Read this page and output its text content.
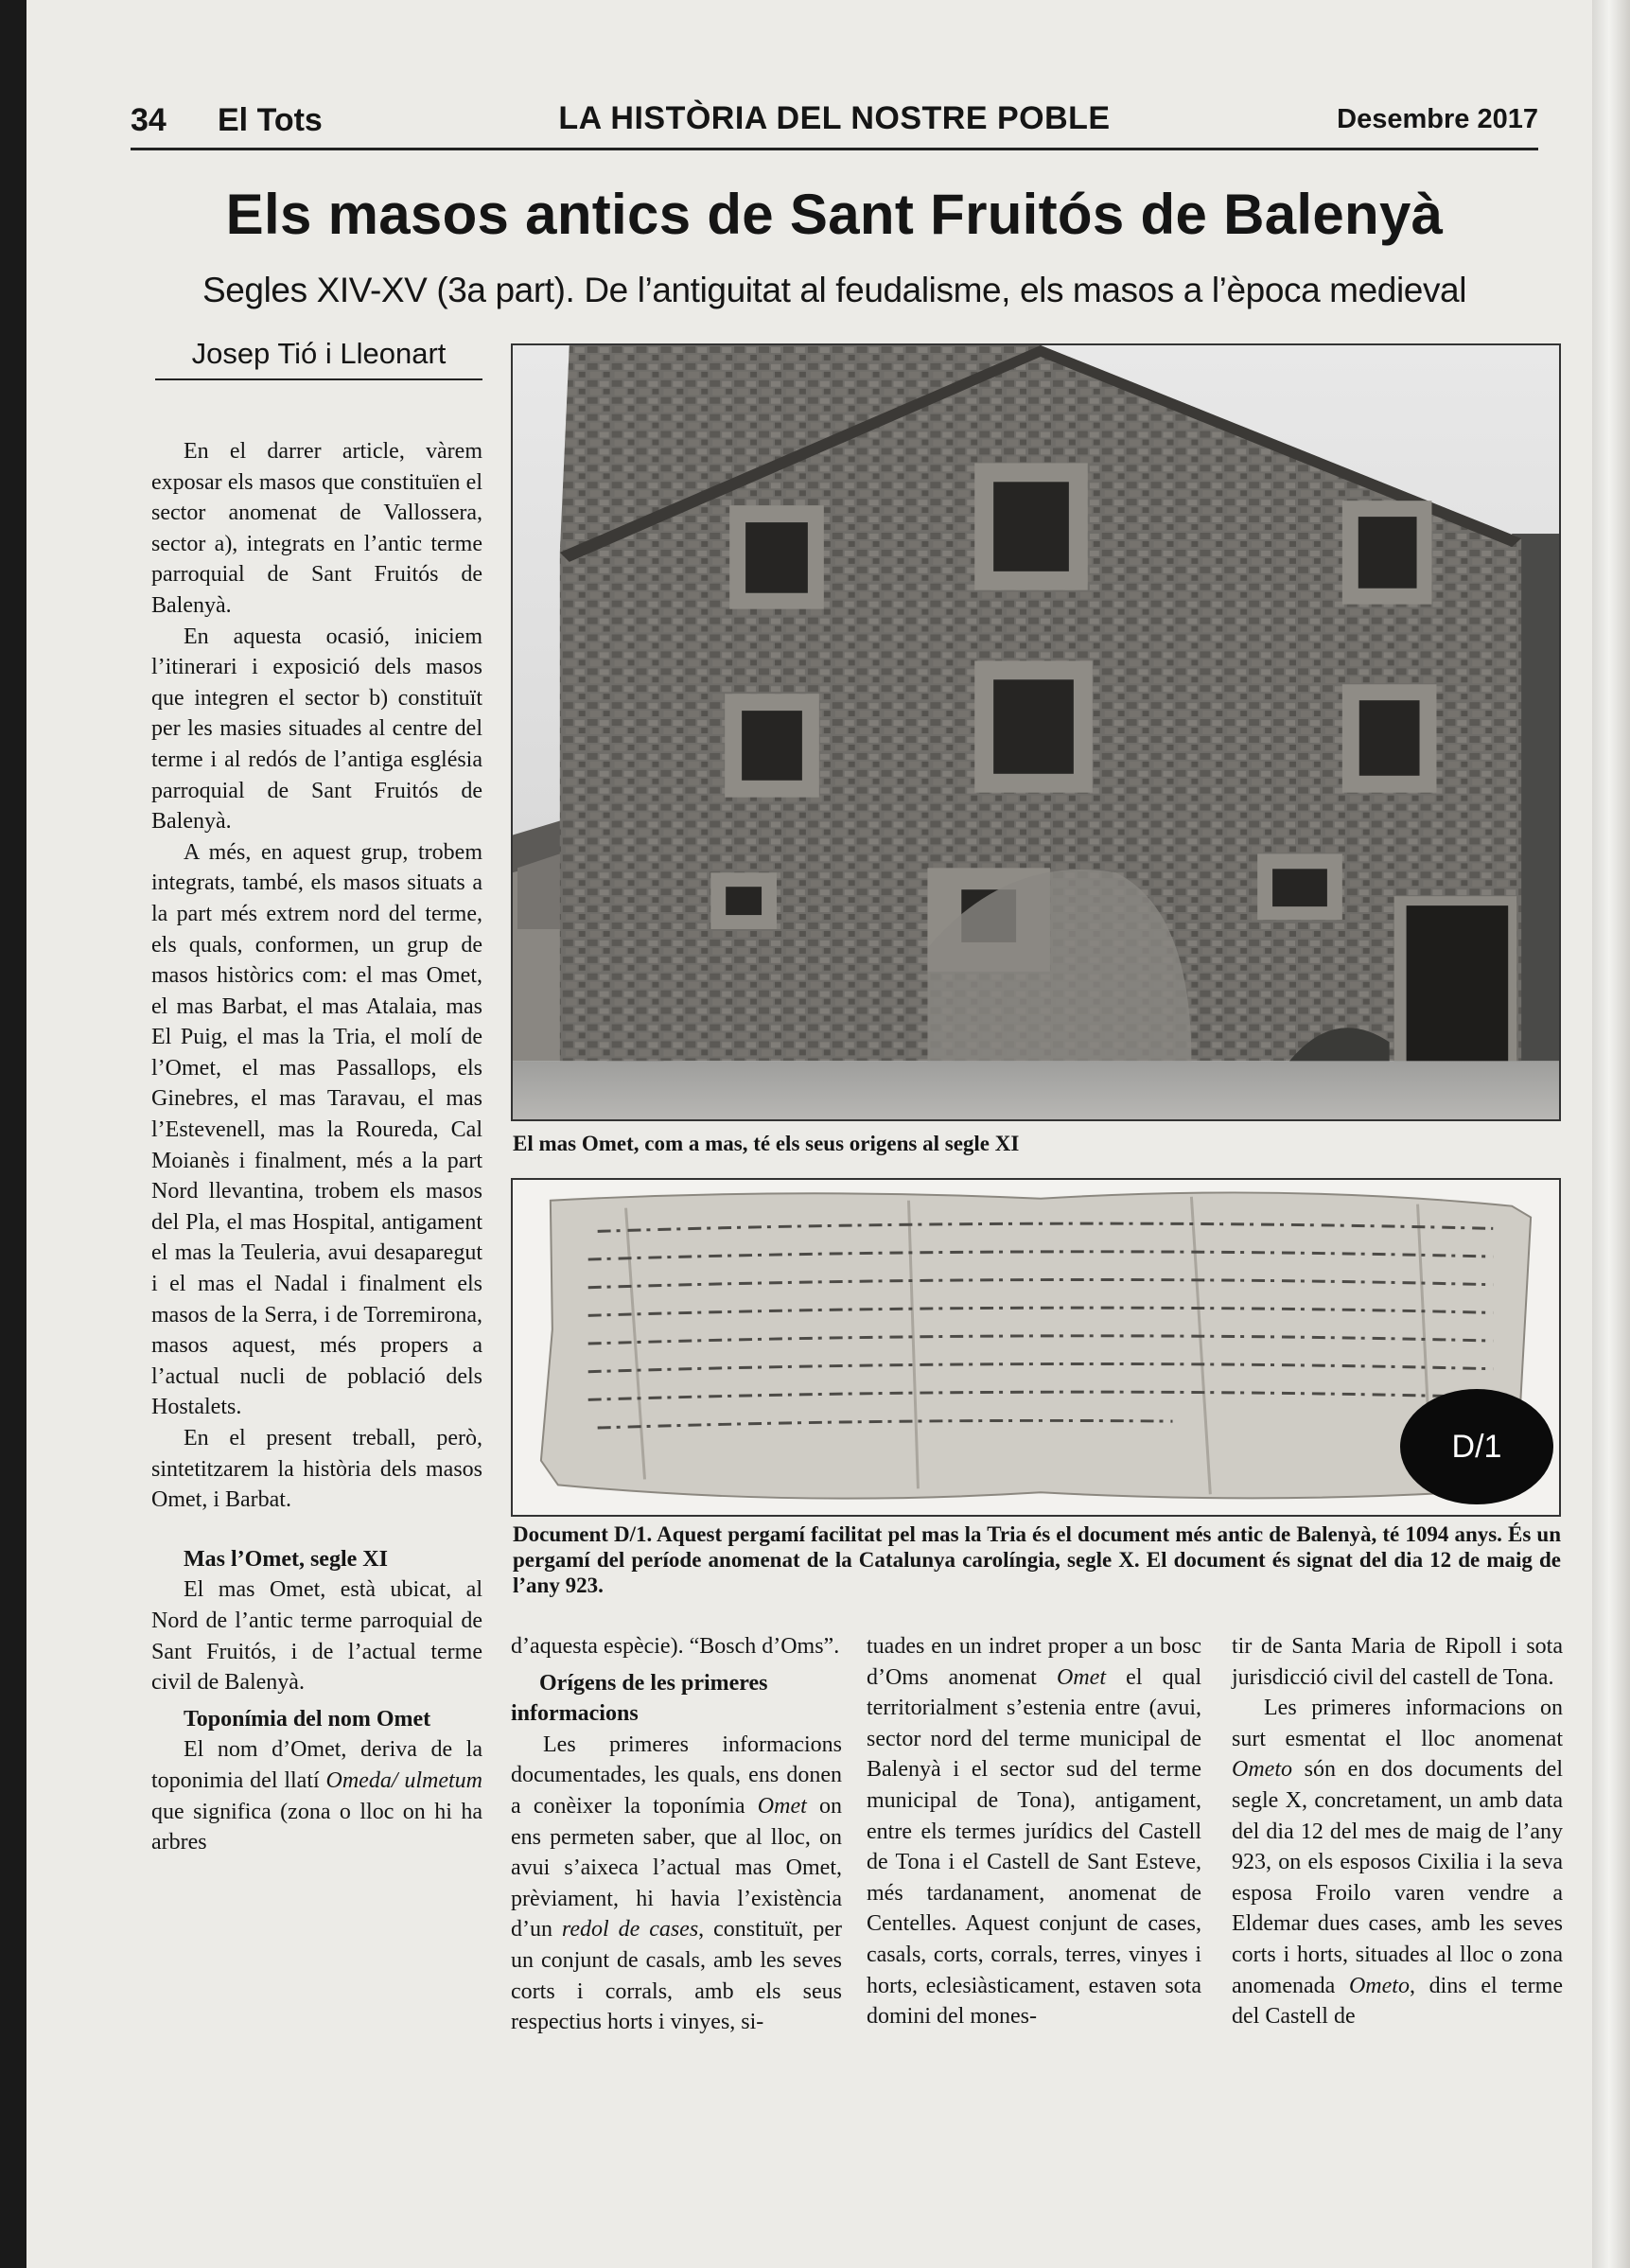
34 El Tots	LA HISTÒRIA DEL NOSTRE POBLE	Desembre 2017
Els masos antics de Sant Fruitós de Balenyà
Segles XIV-XV (3a part). De l’antiguitat al feudalisme, els masos a l’època medieval
Josep Tió i Lleonart
El mas Omet, com a mas, té els seus origens al segle XI
D/1
Document D/1. Aquest pergamí facilitat pel mas la Tria és el document més antic de Balenyà, té 1094 anys. És un pergamí del període anomenat de la Catalunya carolíngia, segle X. El document és signat del dia 12 de maig de l’any 923.

En el darrer article, vàrem exposar els masos que constituïen el sector anomenat de Vallossera, sector a), integrats en l’antic terme parroquial de Sant Fruitós de Balenyà.

En aquesta ocasió, iniciem l’itinerari i exposició dels masos que integren el sector b) constituït per les masies situades al centre del terme i al redós de l’antiga església parroquial de Sant Fruitós de Balenyà.

A més, en aquest grup, trobem integrats, també, els masos situats a la part més extrem nord del terme, els quals, conformen, un grup de masos històrics com: el mas Omet, el mas Barbat, el mas Atalaia, mas El Puig, el mas la Tria, el molí de l’Omet, el mas Passallops, els Ginebres, el mas Taravau, el mas l’Estevenell, mas la Roureda, Cal Moianès i finalment, més a la part Nord llevantina, trobem els masos del Pla, el mas Hospital, antigament el mas la Teuleria, avui desaparegut i el mas el Nadal i finalment els masos de la Serra, i de Torremirona, masos aquest, més propers a l’actual nucli de població dels Hostalets.

En el present treball, però, sintetitzarem la història dels masos Omet, i Barbat.

Mas l’Omet, segle XI

El mas Omet, està ubicat, al Nord de l’antic terme parroquial de Sant Fruitós, i de l’actual terme civil de Balenyà.

Toponímia del nom Omet

El nom d’Omet, deriva de la toponimia del llatí Omeda/ ulmetum que significa (zona o lloc on hi ha arbres

d’aquesta espècie). “Bosch d’Oms”.

Orígens de les primeres informacions

Les primeres informacions documentades, les quals, ens donen a conèixer la toponímia Omet on ens permeten saber, que al lloc, on avui s’aixeca l’actual mas Omet, prèviament, hi havia l’existència d’un redol de cases, constituït, per un conjunt de casals, amb les seves corts i corrals, amb els seus respectius horts i vinyes, si-

tuades en un indret proper a un bosc d’Oms anomenat Omet el qual territorialment s’estenia entre (avui, sector nord del terme municipal de Balenyà i el sector sud del terme municipal de Tona), antigament, entre els termes jurídics del Castell de Tona i el Castell de Sant Esteve, més tardanament, anomenat de Centelles. Aquest conjunt de cases, casals, corts, corrals, terres, vinyes i horts, eclesiàsticament, estaven sota domini del mones-

tir de Santa Maria de Ripoll i sota jurisdicció civil del castell de Tona.

Les primeres informacions on surt esmentat el lloc anomenat Ometo són en dos documents del segle X, concretament, un amb data del dia 12 del mes de maig de l’any 923, on els esposos Cixilia i la seva esposa Froilo varen vendre a Eldemar dues cases, amb les seves corts i horts, situades al lloc o zona anomenada Ometo, dins el terme del Castell de
